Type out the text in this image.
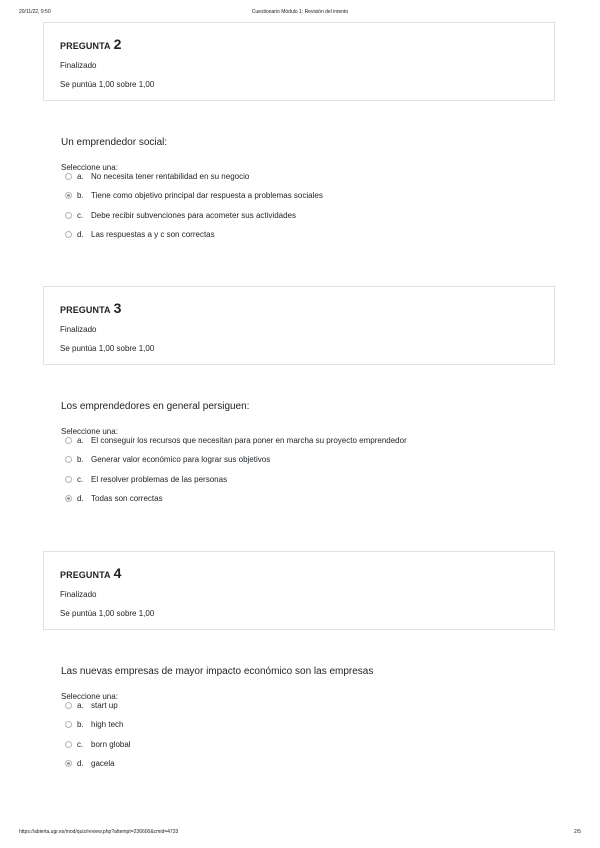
20/11/22, 9:50	Cuestionario Módulo 1: Revisión del intento
PREGUNTA 2
Finalizado
Se puntúa 1,00 sobre 1,00
Un emprendedor social:
Seleccione una:
a. No necesita tener rentabilidad en su negocio
b. Tiene como objetivo principal dar respuesta a problemas sociales
c. Debe recibir subvenciones para acometer sus actividades
d. Las respuestas a y c son correctas
PREGUNTA 3
Finalizado
Se puntúa 1,00 sobre 1,00
Los emprendedores en general persiguen:
Seleccione una:
a. El conseguir los recursos que necesitan para poner en marcha su proyecto emprendedor
b. Generar valor económico para lograr sus objetivos
c. El resolver problemas de las personas
d. Todas son correctas
PREGUNTA 4
Finalizado
Se puntúa 1,00 sobre 1,00
Las nuevas empresas de mayor impacto económico son las empresas
Seleccione una:
a. start up
b. high tech
c. born global
d. gacela
https://abierta.ugr.es/mod/quiz/review.php?attempt=236600&cmid=4733	2/5
